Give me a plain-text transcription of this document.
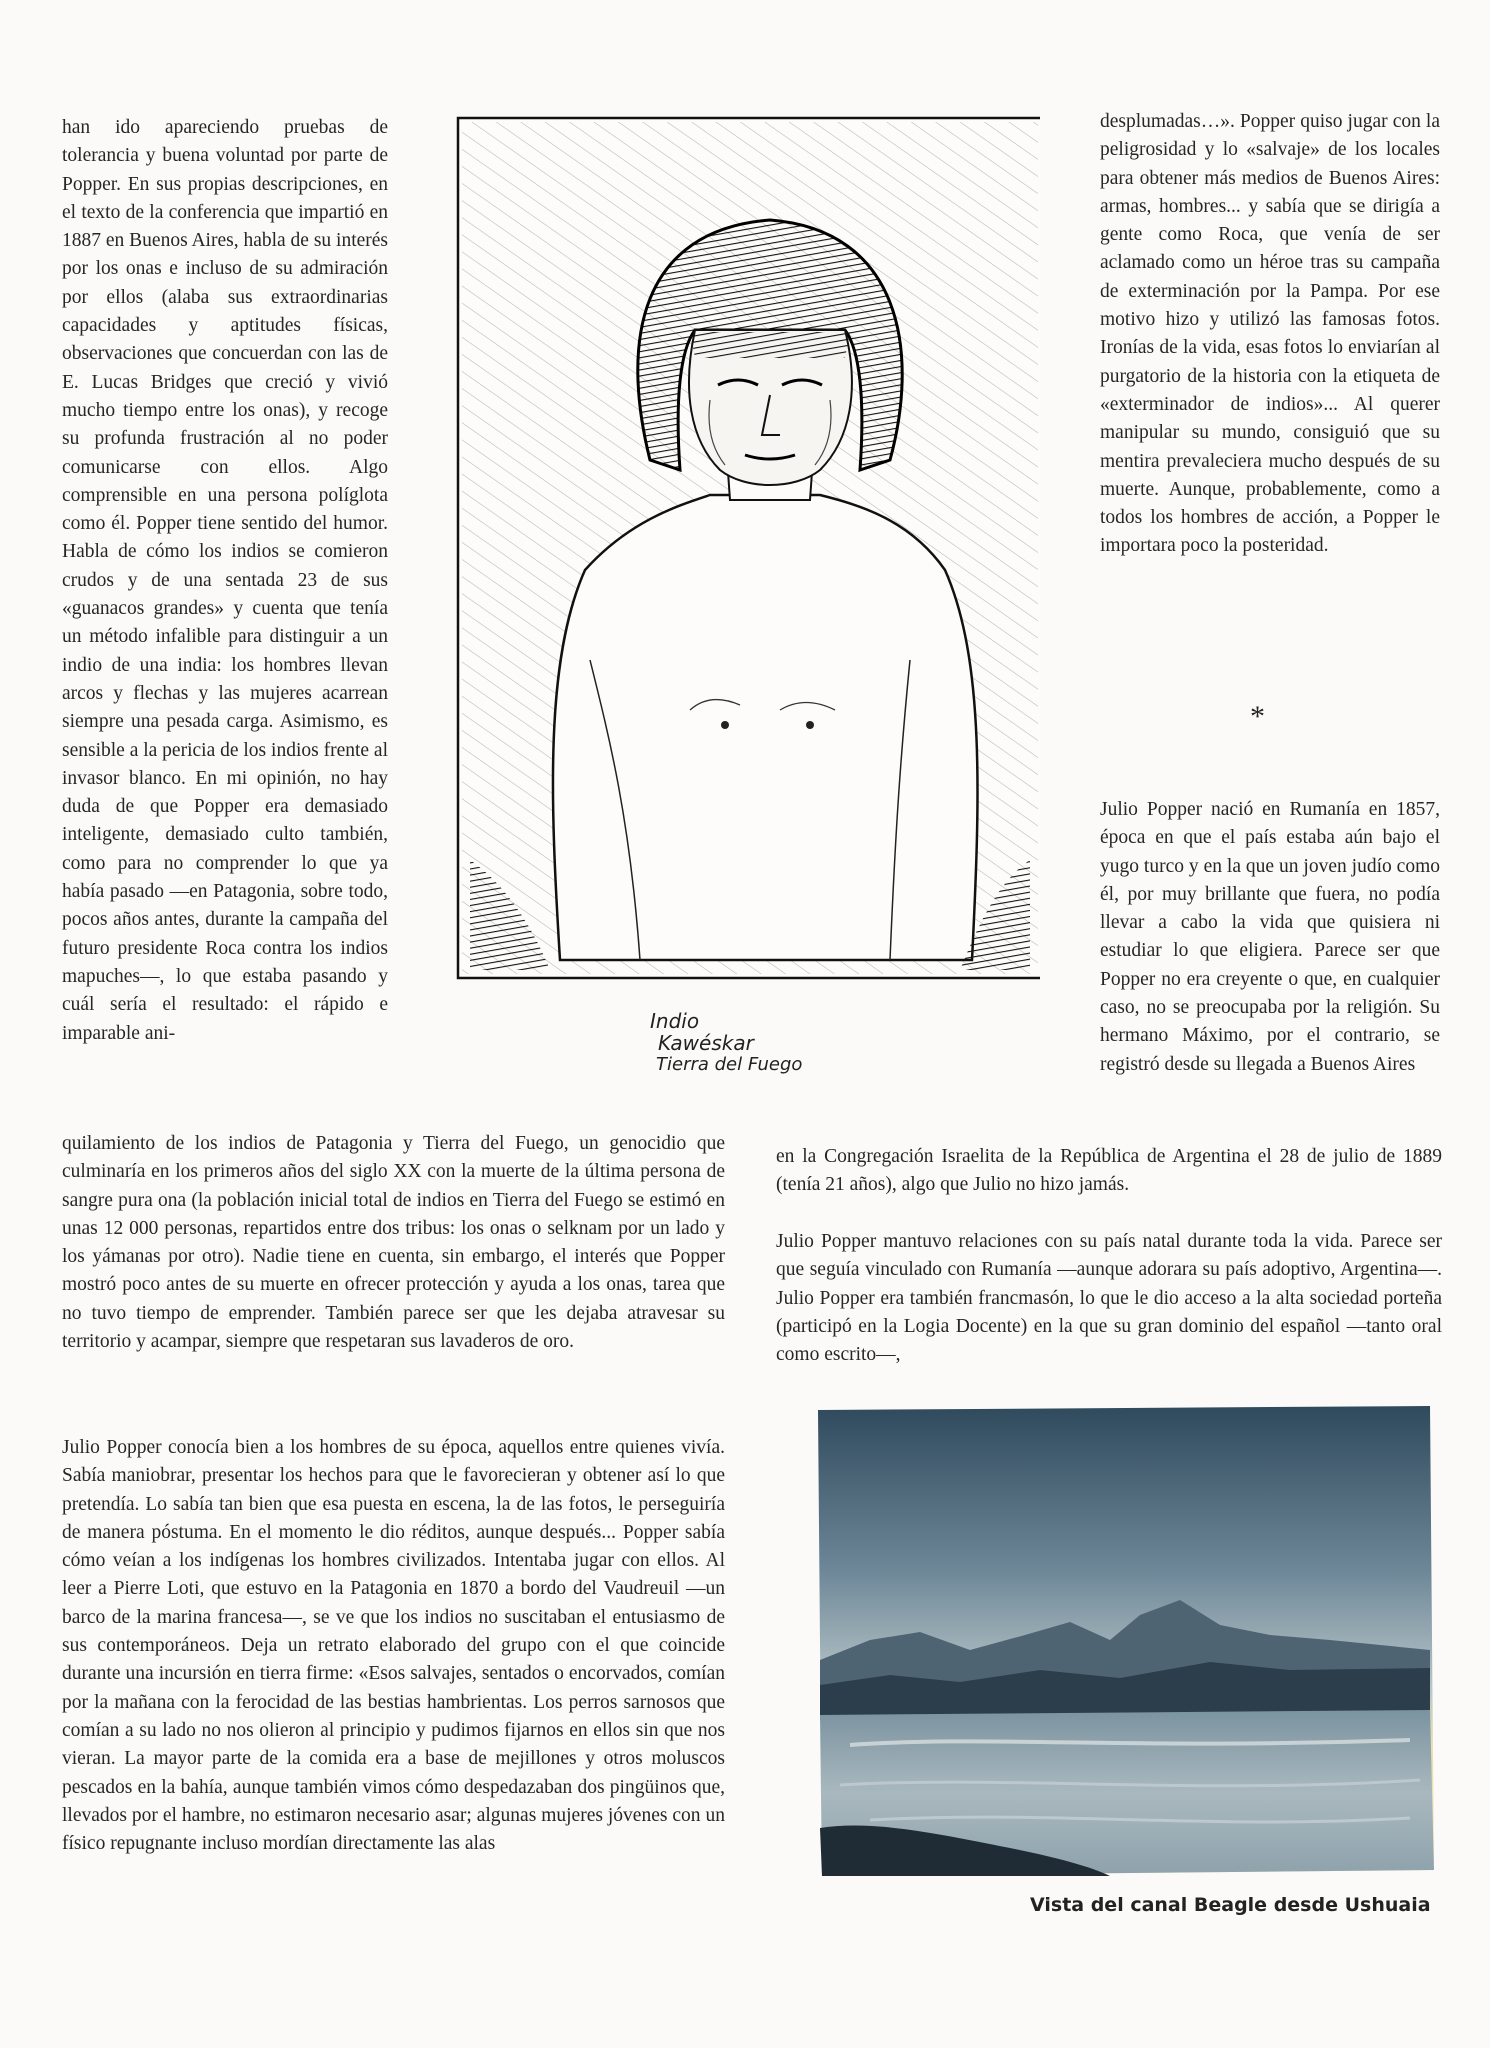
han ido apareciendo pruebas de tolerancia y buena voluntad por parte de Popper. En sus propias descripciones, en el texto de la conferencia que impartió en 1887 en Buenos Aires, habla de su interés por los onas e incluso de su admiración por ellos (alaba sus extraordinarias capacidades y aptitudes físicas, observaciones que concuerdan con las de E. Lucas Bridges que creció y vivió mucho tiempo entre los onas), y recoge su profunda frustración al no poder comunicarse con ellos. Algo comprensible en una persona políglota como él. Popper tiene sentido del humor. Habla de cómo los indios se comieron crudos y de una sentada 23 de sus «guanacos grandes» y cuenta que tenía un método infalible para distinguir a un indio de una india: los hombres llevan arcos y flechas y las mujeres acarrean siempre una pesada carga. Asimismo, es sensible a la pericia de los indios frente al invasor blanco. En mi opinión, no hay duda de que Popper era demasiado inteligente, demasiado culto también, como para no comprender lo que ya había pasado —en Patagonia, sobre todo, pocos años antes, durante la campaña del futuro presidente Roca contra los indios mapuches—, lo que estaba pasando y cuál sería el resultado: el rápido e imparable ani-	Indio
Kawéskar
Tierra del Fuego

desplumadas…». Popper quiso jugar con la peligrosidad y lo «salvaje» de los locales para obtener más medios de Buenos Aires: armas, hombres... y sabía que se dirigía a gente como Roca, que venía de ser aclamado como un héroe tras su campaña de exterminación por la Pampa. Por ese motivo hizo y utilizó las famosas fotos. Ironías de la vida, esas fotos lo enviarían al purgatorio de la historia con la etiqueta de «exterminador de indios»... Al querer manipular su mundo, consiguió que su mentira prevaleciera mucho después de su muerte. Aunque, probablemente, como a todos los hombres de acción, a Popper le importara poco la posteridad.

*

Julio Popper nació en Rumanía en 1857, época en que el país estaba aún bajo el yugo turco y en la que un joven judío como él, por muy brillante que fuera, no podía llevar a cabo la vida que quisiera ni estudiar lo que eligiera. Parece ser que Popper no era creyente o que, en cualquier caso, no se preocupaba por la religión. Su hermano Máximo, por el contrario, se registró desde su llegada a Buenos Aires

quilamiento de los indios de Patagonia y Tierra del Fuego, un genocidio que culminaría en los primeros años del siglo XX con la muerte de la última persona de sangre pura ona (la población inicial total de indios en Tierra del Fuego se estimó en unas 12 000 personas, repartidos entre dos tribus: los onas o selknam por un lado y los yámanas por otro). Nadie tiene en cuenta, sin embargo, el interés que Popper mostró poco antes de su muerte en ofrecer protección y ayuda a los onas, tarea que no tuvo tiempo de emprender. También parece ser que les dejaba atravesar su territorio y acampar, siempre que respetaran sus lavaderos de oro.

Julio Popper conocía bien a los hombres de su época, aquellos entre quienes vivía. Sabía maniobrar, presentar los hechos para que le favorecieran y obtener así lo que pretendía. Lo sabía tan bien que esa puesta en escena, la de las fotos, le perseguiría de manera póstuma. En el momento le dio réditos, aunque después... Popper sabía cómo veían a los indígenas los hombres civilizados. Intentaba jugar con ellos. Al leer a Pierre Loti, que estuvo en la Patagonia en 1870 a bordo del Vaudreuil —un barco de la marina francesa—, se ve que los indios no suscitaban el entusiasmo de sus contemporáneos. Deja un retrato elaborado del grupo con el que coincide durante una incursión en tierra firme: «Esos salvajes, sentados o encorvados, comían por la mañana con la ferocidad de las bestias hambrientas. Los perros sarnosos que comían a su lado no nos olieron al principio y pudimos fijarnos en ellos sin que nos vieran. La mayor parte de la comida era a base de mejillones y otros moluscos pescados en la bahía, aunque también vimos cómo despedazaban dos pingüinos que, llevados por el hambre, no estimaron necesario asar; algunas mujeres jóvenes con un físico repugnante incluso mordían directamente las alas

en la Congregación Israelita de la República de Argentina el 28 de julio de 1889 (tenía 21 años), algo que Julio no hizo jamás.

Julio Popper mantuvo relaciones con su país natal durante toda la vida. Parece ser que seguía vinculado con Rumanía —aunque adorara su país adoptivo, Argentina—. Julio Popper era también francmasón, lo que le dio acceso a la alta sociedad porteña (participó en la Logia Docente) en la que su gran dominio del español —tanto oral como escrito—,

Vista del canal Beagle desde Ushuaia
